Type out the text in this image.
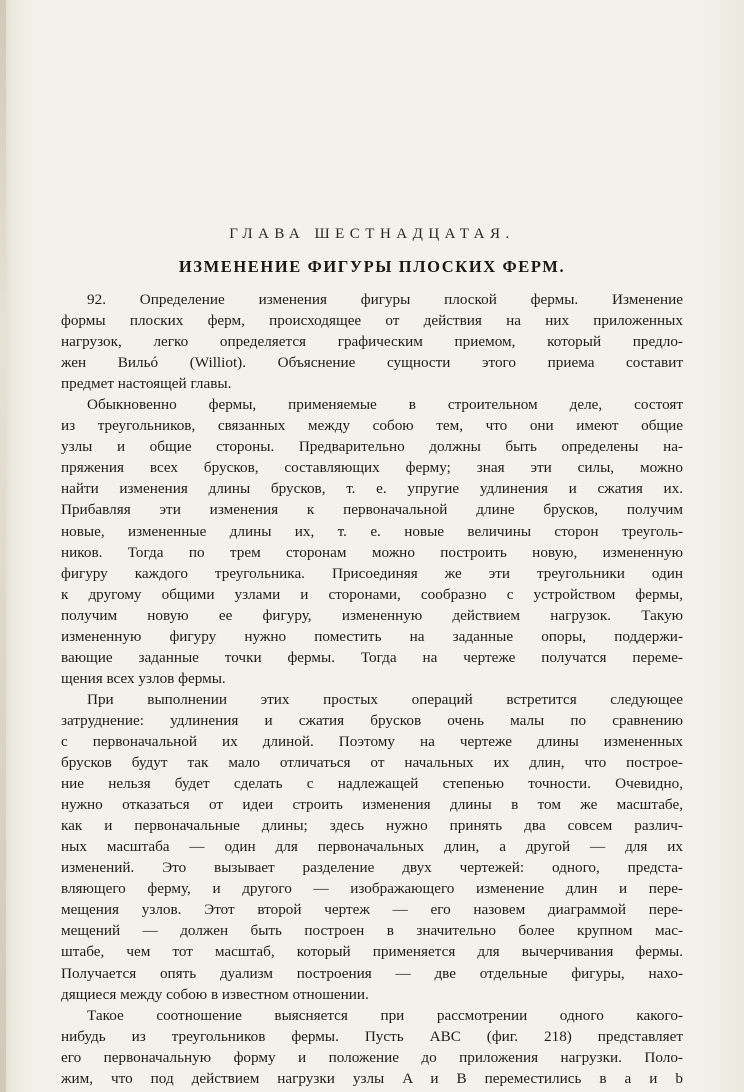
ГЛАВА ШЕСТНАДЦАТАЯ.
ИЗМЕНЕНИЕ ФИГУРЫ ПЛОСКИХ ФЕРМ.
92. Определение изменения фигуры плоской фермы. Изменение
формы плоских ферм, происходящее от действия на них приложенных
нагрузок, легко определяется графическим приемом, который предло-
жен Вильó (Williot). Объяснение сущности этого приема составит
предмет настоящей главы.
Обыкновенно фермы, применяемые в строительном деле, состоят
из треугольников, связанных между собою тем, что они имеют общие
узлы и общие стороны. Предварительно должны быть определены на-
пряжения всех брусков, составляющих ферму; зная эти силы, можно
найти изменения длины брусков, т. е. упругие удлинения и сжатия их.
Прибавляя эти изменения к первоначальной длине брусков, получим
новые, измененные длины их, т. е. новые величины сторон треуголь-
ников. Тогда по трем сторонам можно построить новую, измененную
фигуру каждого треугольника. Присоединяя же эти треугольники один
к другому общими узлами и сторонами, сообразно с устройством фермы,
получим новую ее фигуру, измененную действием нагрузок. Такую
измененную фигуру нужно поместить на заданные опоры, поддержи-
вающие заданные точки фермы. Тогда на чертеже получатся переме-
щения всех узлов фермы.
При выполнении этих простых операций встретится следующее
затруднение: удлинения и сжатия брусков очень малы по сравнению
с первоначальной их длиной. Поэтому на чертеже длины измененных
брусков будут так мало отличаться от начальных их длин, что построе-
ние нельзя будет сделать с надлежащей степенью точности. Очевидно,
нужно отказаться от идеи строить изменения длины в том же масштабе,
как и первоначальные длины; здесь нужно принять два совсем различ-
ных масштаба — один для первоначальных длин, а другой — для их
изменений. Это вызывает разделение двух чертежей: одного, предста-
вляющего ферму, и другого — изображающего изменение длин и пере-
мещения узлов. Этот второй чертеж — его назовем диаграммой пере-
мещений — должен быть построен в значительно более крупном мас-
штабе, чем тот масштаб, который применяется для вычерчивания фермы.
Получается опять дуализм построения — две отдельные фигуры, нахо-
дящиеся между собою в известном отношении.
Такое соотношение выясняется при рассмотрении одного какого-
нибудь из треугольников фермы. Пусть ABC (фиг. 218) представляет
его первоначальную форму и положение до приложения нагрузки. Поло-
жим, что под действием нагрузки узлы A и B переместились в a и b
